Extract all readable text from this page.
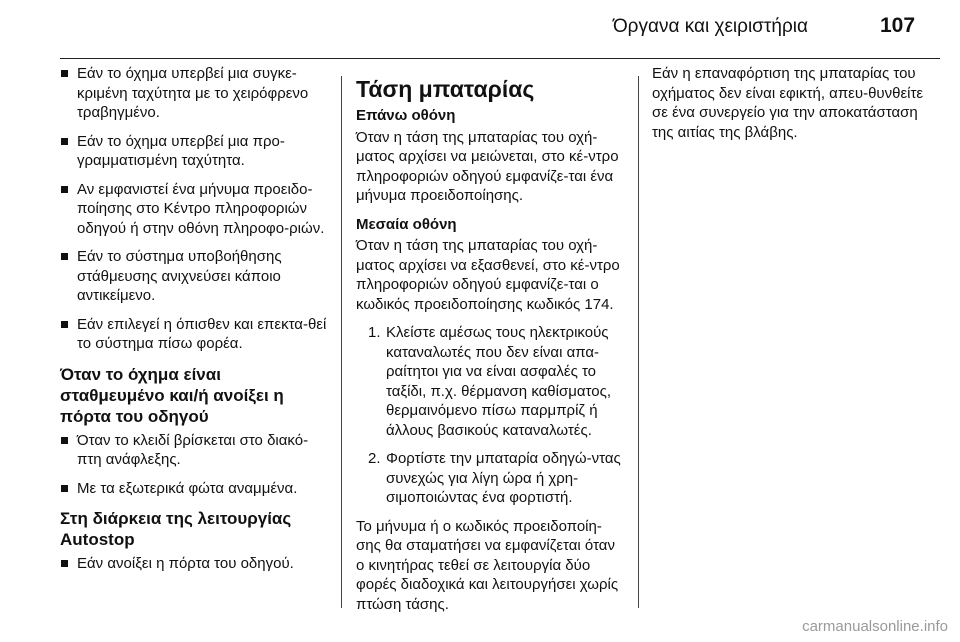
Όργανα και χειριστήρια	107
Εάν το όχημα υπερβεί μια συγκε-κριμένη ταχύτητα με το χειρόφρενο τραβηγμένο.
Εάν το όχημα υπερβεί μια προ-γραμματισμένη ταχύτητα.
Αν εμφανιστεί ένα μήνυμα προειδο-ποίησης στο Κέντρο πληροφοριών οδηγού ή στην οθόνη πληροφο-ριών.
Εάν το σύστημα υποβοήθησης στάθμευσης ανιχνεύσει κάποιο αντικείμενο.
Εάν επιλεγεί η όπισθεν και επεκτα-θεί το σύστημα πίσω φορέα.
Όταν το όχημα είναι σταθμευμένο και/ή ανοίξει η πόρτα του οδηγού
Όταν το κλειδί βρίσκεται στο διακό-πτη ανάφλεξης.
Με τα εξωτερικά φώτα αναμμένα.
Στη διάρκεια της λειτουργίας Autostop
Εάν ανοίξει η πόρτα του οδηγού.
Τάση μπαταρίας
Επάνω οθόνη

Όταν η τάση της μπαταρίας του οχή-ματος αρχίσει να μειώνεται, στο κέ-ντρο πληροφοριών οδηγού εμφανίζε-ται ένα μήνυμα προειδοποίησης.

Μεσαία οθόνη

Όταν η τάση της μπαταρίας του οχή-ματος αρχίσει να εξασθενεί, στο κέ-ντρο πληροφοριών οδηγού εμφανίζε-ται ο κωδικός προειδοποίησης κωδικός 174.

1. Κλείστε αμέσως τους ηλεκτρικούς καταναλωτές που δεν είναι απα-ραίτητοι για να είναι ασφαλές το ταξίδι, π.χ. θέρμανση καθίσματος, θερμαινόμενο πίσω παρμπρίζ ή άλλους βασικούς καταναλωτές.
2. Φορτίστε την μπαταρία οδηγώ-ντας συνεχώς για λίγη ώρα ή χρη-σιμοποιώντας ένα φορτιστή.

Το μήνυμα ή ο κωδικός προειδοποίη-σης θα σταματήσει να εμφανίζεται όταν ο κινητήρας τεθεί σε λειτουργία δύο φορές διαδοχικά και λειτουργήσει χωρίς πτώση τάσης.

Εάν η επαναφόρτιση της μπαταρίας του οχήματος δεν είναι εφικτή, απευ-θυνθείτε σε ένα συνεργείο για την αποκατάσταση της αιτίας της βλάβης.

carmanualsonline.info
